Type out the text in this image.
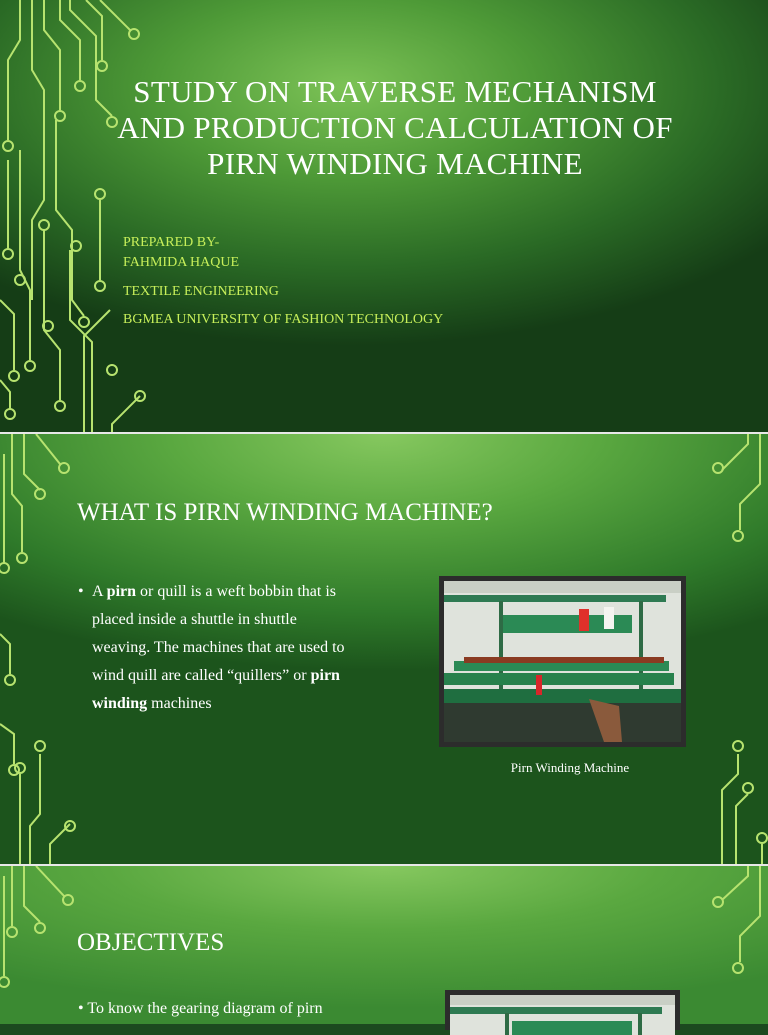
STUDY ON TRAVERSE MECHANISM AND PRODUCTION CALCULATION OF PIRN WINDING MACHINE
PREPARED BY-
FAHMIDA HAQUE
TEXTILE ENGINEERING
BGMEA UNIVERSITY OF FASHION TECHNOLOGY
WHAT IS PIRN WINDING MACHINE?
• A pirn or quill is a weft bobbin that is placed inside a shuttle in shuttle weaving. The machines that are used to wind quill are called “quillers” or pirn winding machines
Pirn Winding Machine
OBJECTIVES
• To know the gearing diagram of pirn
